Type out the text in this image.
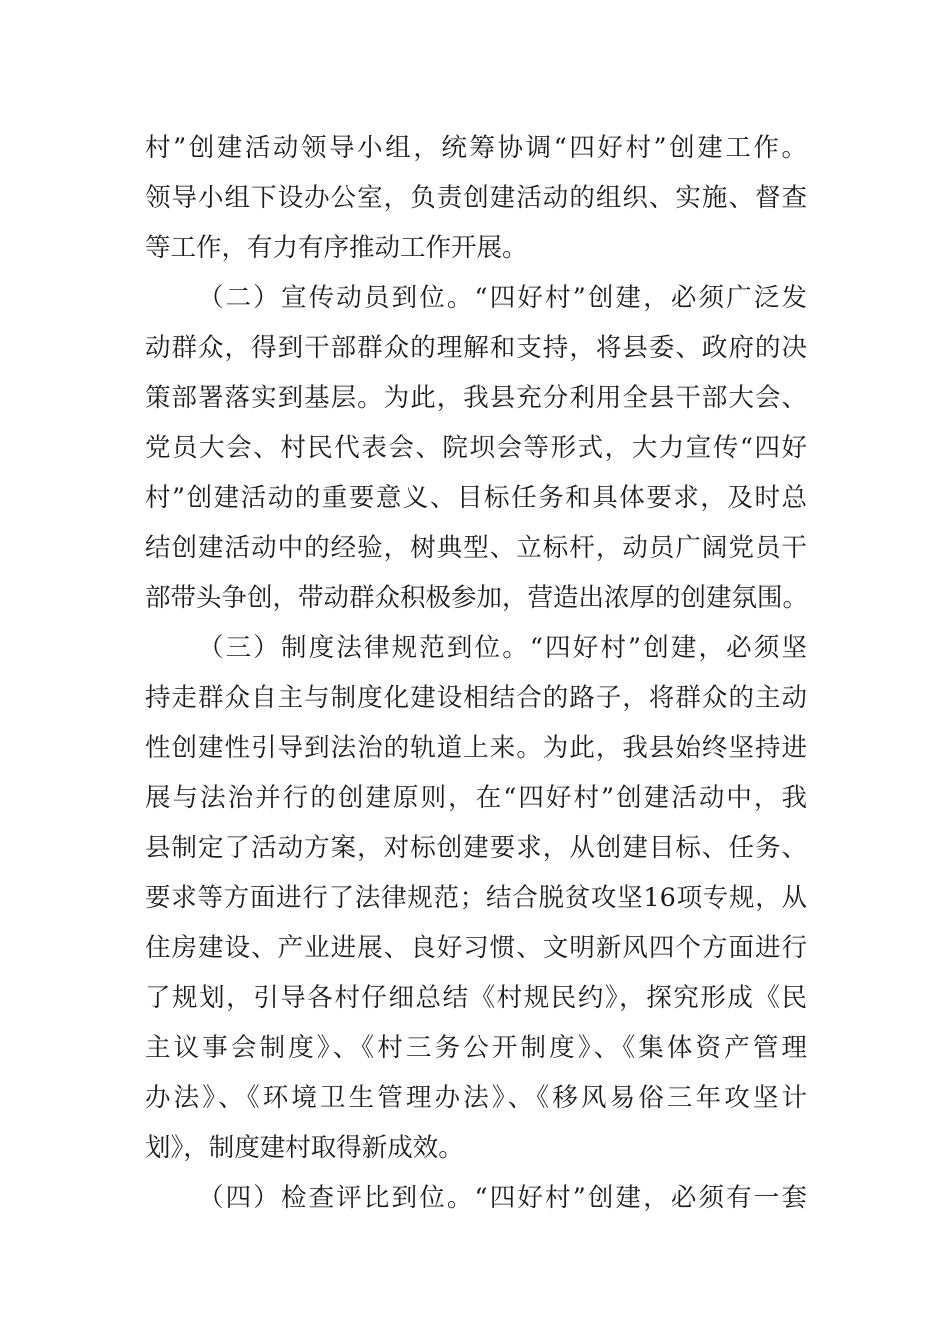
村”创建活动领导小组，统筹协调“四好村”创建工作。
领导小组下设办公室，负责创建活动的组织、实施、督查
等工作，有力有序推动工作开展。
（二）宣传动员到位。“四好村”创建，必须广泛发
动群众，得到干部群众的理解和支持，将县委、政府的决
策部署落实到基层。为此，我县充分利用全县干部大会、
党员大会、村民代表会、院坝会等形式，大力宣传“四好
村”创建活动的重要意义、目标任务和具体要求，及时总
结创建活动中的经验，树典型、立标杆，动员广阔党员干
部带头争创，带动群众积极参加，营造出浓厚的创建氛围。
（三）制度法律规范到位。“四好村”创建，必须坚
持走群众自主与制度化建设相结合的路子，将群众的主动
性创建性引导到法治的轨道上来。为此，我县始终坚持进
展与法治并行的创建原则，在“四好村”创建活动中，我
县制定了活动方案，对标创建要求，从创建目标、任务、
要求等方面进行了法律规范；结合脱贫攻坚16项专规，从
住房建设、产业进展、良好习惯、文明新风四个方面进行
了规划，引导各村仔细总结《村规民约》，探究形成《民
主议事会制度》、《村三务公开制度》、《集体资产管理
办法》、《环境卫生管理办法》、《移风易俗三年攻坚计
划》，制度建村取得新成效。
（四）检查评比到位。“四好村”创建，必须有一套
